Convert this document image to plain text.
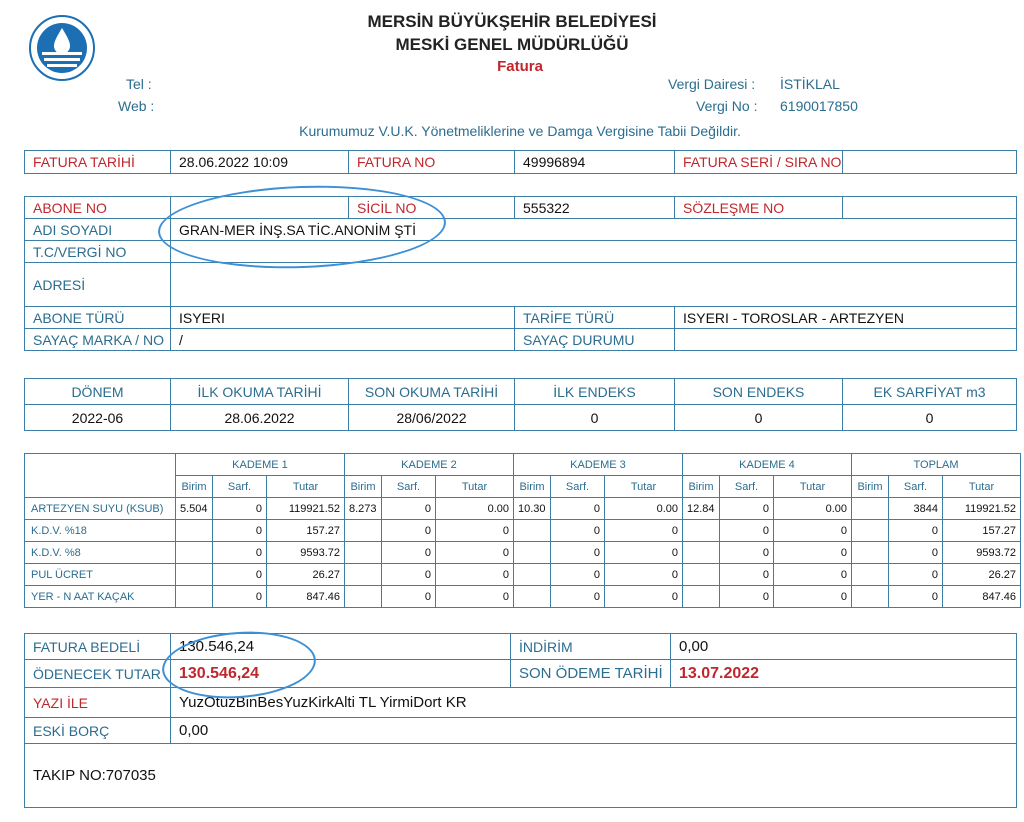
MERSİN BÜYÜKŞEHİR BELEDİYESİ
MESKİ GENEL MÜDÜRLÜĞÜ
Fatura
Tel :
Web :
Vergi Dairesi : İSTİKLAL
Vergi No : 6190017850
Kurumumuz V.U.K. Yönetmeliklerine ve Damga Vergisine Tabii Değildir.
FATURA TARİHİ	28.06.2022 10:09	FATURA NO	49996894	FATURA SERİ / SIRA NO	
ABONE NO		SİCİL NO	555322	SÖZLEŞME NO	
ADI SOYADI	GRAN-MER İNŞ.SA TİC.ANONİM ŞTİ				
T.C/VERGİ NO					
ADRESİ					
ABONE TÜRÜ	ISYERI		TARİFE TÜRÜ	ISYERI - TOROSLAR - ARTEZYEN	
SAYAÇ MARKA / NO	/		SAYAÇ DURUMU		
DÖNEM	İLK OKUMA TARİHİ	SON OKUMA TARİHİ	İLK ENDEKS	SON ENDEKS	EK SARFİYAT m3
2022-06	28.06.2022	28/06/2022	0	0	0
	KADEME 1			KADEME 2			KADEME 3			KADEME 4			TOPLAM		
	Birim	Sarf.	Tutar	Birim	Sarf.	Tutar	Birim	Sarf.	Tutar	Birim	Sarf.	Tutar	Birim	Sarf.	Tutar
ARTEZYEN SUYU (KSUB)	5.504	0	119921.52	8.273	0	0.00	10.30	0	0.00	12.84	0	0.00		3844	119921.52
K.D.V. %18		0	157.27		0	0		0	0		0	0		0	157.27
K.D.V. %8		0	9593.72		0	0		0	0		0	0		0	9593.72
PUL ÜCRET		0	26.27		0	0		0	0		0	0		0	26.27
YER - N AAT KAÇAK		0	847.46		0	0		0	0		0	0		0	847.46
FATURA BEDELİ	130.546,24	İNDİRİM	0,00
ÖDENECEK TUTAR	130.546,24	SON ÖDEME TARİHİ	13.07.2022
YAZI İLE	YuzOtuzBinBesYuzKirkAlti TL YirmiDort KR		
ESKİ BORÇ	0,00		
TAKIP NO:707035			
